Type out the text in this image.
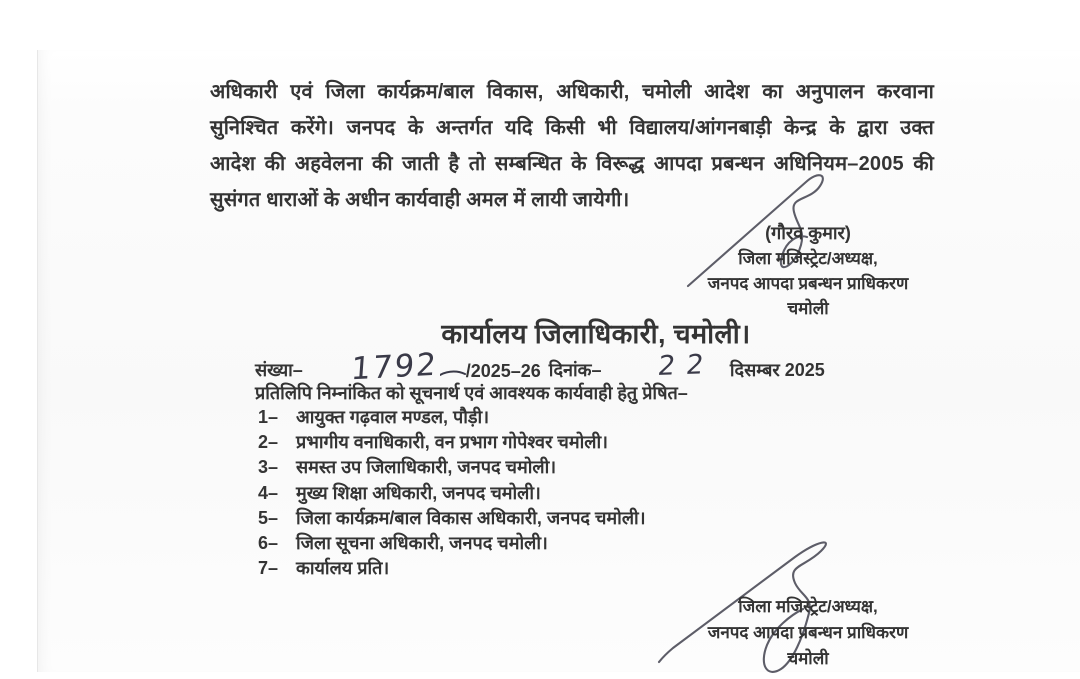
अधिकारी एवं जिला कार्यक्रम/बाल विकास, अधिकारी, चमोली आदेश का अनुपालन करवाना
सुनिश्चित करेंगे। जनपद के अन्तर्गत यदि किसी भी विद्यालय/आंगनबाड़ी केन्द्र के द्वारा उक्त
आदेश की अहवेलना की जाती है तो सम्बन्धित के विरूद्ध आपदा प्रबन्धन अधिनियम–2005 की
सुसंगत धाराओं के अधीन कार्यवाही अमल में लायी जायेगी।
(गौरव कुमार)
जिला मजिस्ट्रेट/अध्यक्ष,
जनपद आपदा प्रबन्धन प्राधिकरण
चमोली
कार्यालय जिलाधिकारी, चमोली।
संख्या– 1792 /2025–26 दिनांक– 22 दिसम्बर 2025
प्रतिलिपि निम्नांकित को सूचनार्थ एवं आवश्यक कार्यवाही हेतु प्रेषित–
1– आयुक्त गढ़वाल मण्डल, पौड़ी।
2– प्रभागीय वनाधिकारी, वन प्रभाग गोपेश्वर चमोली।
3– समस्त उप जिलाधिकारी, जनपद चमोली।
4– मुख्य शिक्षा अधिकारी, जनपद चमोली।
5– जिला कार्यक्रम/बाल विकास अधिकारी, जनपद चमोली।
6– जिला सूचना अधिकारी, जनपद चमोली।
7– कार्यालय प्रति।
जिला मजिस्ट्रेट/अध्यक्ष,
जनपद आपदा प्रबन्धन प्राधिकरण
चमोली
